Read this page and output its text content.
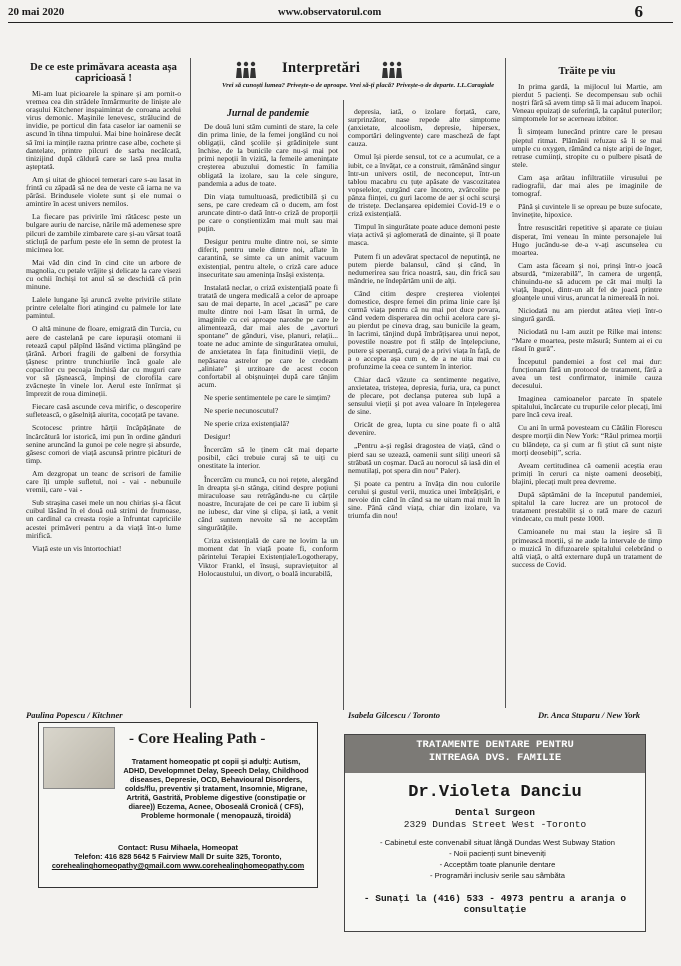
20 mai 2020	www.observatorul.com	6
De ce este primăvara aceasta așa capricioasă !

Mi-am luat picioarele la spinare și am pornit-o vremea cea din strădele înmărmurite de liniște ale orașului Kitchener inspaimintat de coroana acelui virus demonic. Mașinile lenevesc, strălucind de invidie, pe porticul din fata caselor iar oamenii se ascund în tihna timpului. Mai bine hoinărese decât să îmi ia mințile razna printre case albe, cochete și dantelate, printre pilcuri de sarba necălcată, tinizijind după căldură care se lasă prea multa așteptată.

Am și uitat de ghiocei temerari care s-au lasat in frintă cu zăpadă să ne dea de veste că iarna ne va părăsi. Brindusele violete sunt și ele numai o amintire în acest univers nemilos.

La fiecare pas privirile îmi rătăcesc peste un bulgare auriu de narcise, nările mă ademenese spre pilcuri de zambile zimbarete care și-au vărsat toată sticluță de parfum peste ele în semn de protest la micimea lor.

Mai văd din cind în cind cite un arbore de magnolia, cu petale vrăjite și delicate la care visezi cu ochii închiși tot anul să se deschidă că prin minune.

Lalele lungane își aruncă zvelte privirile stilate printre celelalte flori atingind cu palmele lor late pamintul.

O altă minune de floare, emigrată din Turcia, cu aere de castelană pe care iepurașii otomani ii retează capul pâlpînd lăsând victima plângând pe țărână. Arbori fragili de galbeni de forsythia țâșnesc printre trunchiurile încă goale ale copacilor cu pecoaja închisă dar cu muguri care vor să țâșnească, împinși de clorofila care zvâcnește în vinele lor. Aerul este înnîrmat și împrezit de roua dimineții.

Fiecare casă ascunde ceva mirific, o descoperire sufletească, o găselniță aiurita, cocoțată pe tavane.

Scotocesc printre hărții încăpățânate de încărcătură lor istorică, imi pun în ordine gânduri senine aruncând la gunoi pe cele negre și absurde, găsesc comori de viață ascunsă printre picături de timp.

Am dezgropat un teanc de scrisori de familie care îți umple sufletul, noi - vai - nebunuile vremii, care - vai -

Sub strașina casei mele un nou chirias și-a făcut cuibul lăsând în el două ouă strimi de frumoase, un cardinal ca creasta roșie a înfruntat capriciile acestei primăveri pentru a da viață înt-o lume mirifică.

Viață este un vis întortochiat!

Paulina Popescu / Kitchner
Interpretări
Vrei să cunoști lumea? Privește-o de aproape. Vrei să-ți placă? Privește-o de departe. I.L.Caragiale
Jurnal de pandemie

De două luni stăm cuminti de stare, la cele din prima linie, de la femei jonglând cu noi obligații, când școlile și grădinițele sunt închise, de la bunicile care nu-și mai pot primi nepoții în vizită, la femeile amenințate creșterea abuzului domestic în familia obligată la izolare, sau la cele singure, pandemia a adus de toate.

Din viața tumultuoasă, predictibilă și cu sens, pe care credeam că o ducem, am fost aruncate dintr-o dată într-o criză de proporții pe care o conștientizăm mai mult sau mai puțin.

Desigur pentru multe dintre noi, se simte diferit, pentru unele dintre noi, aflate în carantină, se simte ca un animit vacuum existențial, pentru altele, o criză care aduce insecuritate sau amenința însăși existența.

Instalată neclar, o criză existențială poate fi tratată de ungera medicală a celor de aproape sau de mai departe, în acel „acasă” pe care multe dintre noi l-am lăsat în urmă, de imaginile cu cei aproape naroshe pe care le alimentează, dar mai ales de „avorturi spontane” de gânduri, vise, planuri, relații... toate ne aduc aminte de singurătatea omului, de anxietatea în fața finitudinii vieții, de nepăsarea astrelor pe care le credeam „aliniate” și urzitoare de acest cocon confortabil al obișnuinței după care tânjim acum.

Ne sperie sentimentele pe care le simțim?

Ne sperie necunoscutul?

Ne sperie criza existențială?

Desigur!

Încercăm să le ținem cât mai departe posibil, căci trebuie curaj să te uiți cu onestitate la interior.

Încercăm cu muncă, cu noi rețete, alergând în dreapta și-n stânga, citind despre poțiuni miraculoase sau retrăgându-ne cu cărțile noastre, încurajate de cei pe care îi iubim și ne iubesc, dar vine și clipa, și iată, a venit când suntem nevoite să ne acceptăm singurătățile.

Criza existențială de care ne lovim la un moment dat în viață poate fi, conform părintelui Terapiei Existențiale/Logotherapy, Viktor Frankl, el însuși, supraviețuitor al Holocaustului, un divorț, o boală incurabilă,

depresia, iată, o izolare forțată, care, surprinzător, nase repede alte simptome (anxietate, alcoolism, depresie, hipersex, comportări delingvente) care mascheză de fapt cauza.

Omul își pierde sensul, tot ce a acumulat, ce a iubit, ce a învățat, ce a construit, rămânând singur într-un univers ostil, de neconceput, într-un tablou macabru cu țuțe apăsate de vascozitatea vopselelor, curgând care încotro, zvârcolite pe pânza ființei, cu guri lacome de aer și ochi scurși de tristețe. Declanșarea epidemiei Covid-19 e o criză existențială.

Timpul în singurătate poate aduce demoni peste viața activă și aglomerată de dinainte, și îl poate masca.

Putem fi un adevărat spectacol de neputință, ne putem pierde balansul, când și când, în nedumerirea sau frica noastră, sau, din frică sau mândrie, ne îndepărtăm unii de alți.

Când citim despre creșterea violenței domestice, despre femei din prima linie care își curmă viața pentru că nu mai pot duce povara, când vedem disperarea din ochii acelora care și-au pierdut pe cineva drag, sau bunicile la geam, în lacrimi, tânjind după îmbrățișarea unui nepot, povestile noastre pot fi stâlp de înțelepciune, putere și speranță, curaj de a privi viața în față, de a o accepta așa cum e, de a ne uita mai cu profunzime la ceea ce suntem în interior.

Chiar dacă văzute ca sentimente negative, anxietatea, tristețea, depresia, furia, ura, ca punct de plecare, pot declanșa puterea sub lupă a sensului vieții și pot avea valoare în înțelegerea de sine.

Oricât de grea, lupta cu sine poate fi o altă devenire.

„Pentru a-și regăsi dragostea de viață, când o pierd sau se uzează, oamenii sunt siliți uneori să străbată un coșmar. Dacă au norocul să iasă din el nemutilați, pot spera din nou” Paler).

Și poate ca pentru a învăța din nou culorile cerului și gustul verii, muzica unei îmbrățișări, e nevoie din când în când sa ne uitam mai mult în sine. Până când viața, chiar din izolare, va triumfa din nou!

Isabela Gilcescu / Toronto
Trăite pe viu

In prima gardă, la mijlocul lui Martie, am pierdut 5 pacienți. Se decompensau sub ochii noștri fără să avem timp să îi mai aducem înapoi. Veneau epuizați de suferință, la capătul puterilor; simptomele lor se acerneau izbitor.

Îi simțeam lunecând printre care le presau pieptul ritmat. Plămânii refuzau să li se mai umple cu oxygen, rămând ca niște aripi de înger, retrase cumiinți, stropite cu o pulbere pisată de stele.

Cam așa arătau infiltratiile virusului pe radiografii, dar mai ales pe imaginile de tomograf.

Până și cuvintele li se opreau pe buze sufocate, învinețite, hipoxice.

Între resuscitări repetitive și aparate ce țiuiau disperat, îmi veneau în minte personajele lui Hugo jucându-se de-a v-ați ascunselea cu moartea.

Cam asta făceam și noi, prinși într-o joacă absurdă, “mizerabilă”, în camera de urgență, chinuindu-ne să aducem pe cât mai mulți la viață, înapoi, dintr-un alt fel de joacă printre gloanțele unui virus, aruncat la nimereală în noi.

Niciodată nu am pierdut atâtea vieți într-o singură gardă.

Niciodată nu l-am auzit pe Rilke mai intens: “Mare e moartea, peste măsură; Suntem ai ei cu râsul în gură”.

Începutul pandemiei a fost cel mai dur: funcționam fără un protocol de tratament, fără a avea un test confirmator, inimile cauza decesului.

Imaginea camioanelor parcate în spatele spitalului, încărcate cu trupurile celor plecați, îmi pare încă ceva ireal.

Cu ani în urmă povesteam cu Cătălin Florescu despre morții din New York: “Răul primea morții cu blândețe, ca și cum ar fi știut că sunt niște morți deosebiți”, scria.

Aveam certitudinea că oamenii aceștia erau primiți în ceruri ca niște oameni deosebiți, blajini, plecați mult prea devreme.

După săptămâni de la începutul pandemiei, spitalul la care lucrez are un protocol de tratament prestabilit și o rată mare de cazuri vindecate, cu mult peste 1000.

Camioanele nu mai stau la ieșire să îi primească morții, și ne aude la intervale de timp o muzică în difuzoarele spitalului celebrând o altă viață, o altă externare după un tratament de success de Covid.

Dr. Anca Stuparu / New York
- Core Healing Path -
Tratament homeopatic pt copii și adulți: Autism, ADHD, Developmnet Delay, Speech Delay, Childhood diseases, Depresie, OCD, Behavioural Disorders, colds/flu, preventiv și tratament, Insomnie, Migrane, Artrită, Gastrită, Probleme digestive (constipație or diaree)) Eczema, Acnee, Oboseală Cronică ( CFS), Probleme hormonale ( menopauză, tiroidă)
Contact: Rusu Mihaela, Homeopat
Telefon: 416 828 5642 5 Fairview Mall Dr suite 325, Toronto,
corehealinghomeopathy@gmail.com www.corehealinghomeopathy.com
TRATAMENTE DENTARE PENTRU
INTREAGA DVS. FAMILIE
Dr.Violeta Danciu
Dental Surgeon
2329 Dundas Street West -Toronto
- Cabinetul este convenabil situat lângă Dundas West Subway Station
- Noii pacienți sunt bineveniți
- Acceptăm toate planurile dentare
- Programări inclusiv serile sau sâmbăta
- Sunați la (416) 533 - 4973 pentru a aranja o consultație
